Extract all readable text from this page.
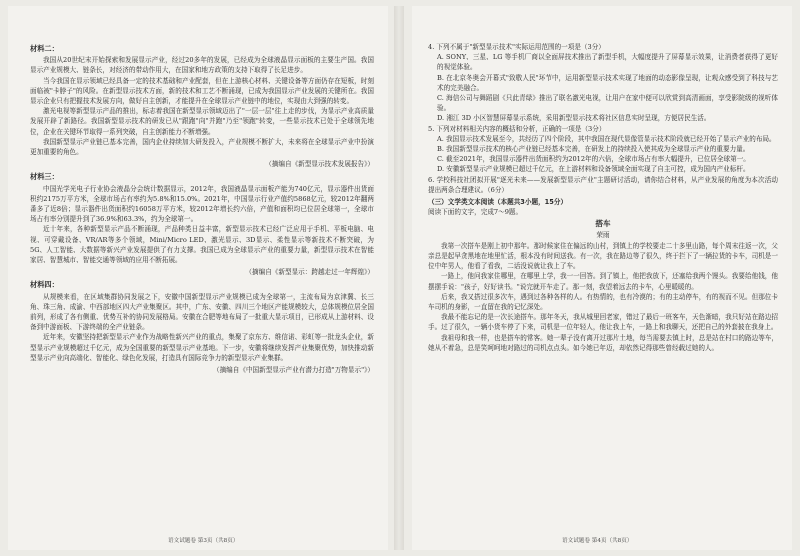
材料二：

我国从20世纪末开始探索和发展显示产业，经过20多年的发展，已经成为全球液晶显示面板的主要生产国。我国显示产业规模大、链条长，对经济的带动作用大，在国家和地方政策的支持下取得了长足进步。

当今我国在显示领域已经具备一定的技术基础和产业配套，但在上游核心材料、关键设备等方面仍存在短板，时刻面临被"卡脖子"的风险。在新型显示技术方面，新的技术和工艺不断涌现，已成为我国显示产业发展的关键所在。我国显示企业只有把握技术发展方向，做好自主创新，才能提升在全球显示产业链中的地位，实现由大到强的转变。

激光电视等新型显示产品的推出，标志着我国在新型显示领域迈出了"一层一层"往上走的步伐，为显示产业高质量发展开辟了新路径。我国新型显示技术的研发已从"跟跑"向"并跑"乃至"领跑"转变，一些显示技术已处于全球领先地位，企业在关键环节取得一系列突破，自主创新能力不断增强。

我国新型显示产业链已基本完善，国内企业持续加大研发投入，产业规模不断扩大，未来将在全球显示产业中扮演更加重要的角色。

（摘编自《新型显示技术发展报告》）
材料三：

中国光学光电子行业协会液晶分会统计数据显示，2012年，我国液晶显示面板产能为740亿元，显示器件出货面积约2175万平方米，全球市场占有率约为5.8%和15.0%。2021年，中国显示行业产值约5868亿元，较2012年翻两番多了近8倍；显示器件出货面积约16058万平方米，较2012年增长约六倍，产值和面积均已位居全球第一，全球市场占有率分别提升到了36.9%和63.3%，约为全球第一。

近十年来，各种新型显示产品不断涌现，产品种类日益丰富，新型显示技术已经广泛应用于手机、平板电脑、电视、可穿戴设备、VR/AR等多个领域，Mini/Micro LED、激光显示、3D显示、柔性显示等新技术不断突破，为5G、人工智能、大数据等新兴产业发展提供了有力支撑。我国已成为全球显示产业的重要力量，新型显示技术在智能家居、智慧城市、智能交通等领域的应用不断拓展。

（摘编自《新型显示：跨越走过一年辉煌》）
材料四：

从规模来看，在区域集群协同发展之下，安徽中国新型显示产业规模已成为全球第一，主流布局为京津冀、长三角、珠三角、成渝、中西部地区四大产业集聚区。其中，广东、安徽、四川三个地区产能规模较大，总体规模位居全国前列，形成了各有侧重、优势互补的协同发展格局。安徽在合肥等地布局了一批重大显示项目，已形成从上游材料、设备到中游面板、下游终端的全产业链条。

近年来，安徽坚持把新型显示产业作为战略性新兴产业的重点，集聚了京东方、维信诺、彩虹等一批龙头企业，新型显示产业规模超过千亿元，成为全国重要的新型显示产业基地。下一步，安徽将继续发挥产业集聚优势，加快推动新型显示产业向高端化、智能化、绿色化发展，打造具有国际竞争力的新型显示产业集群。

（摘编自《中国新型显示产业有潜力打造"万物显示"》）
语文试题卷 第3页（共8页）
4. 下列不属于"新型显示技术"实际运用范围的一项是（3分）
A. SONY、三星、LG 等手机厂商以全面屏技术推出了新型手机，大幅度提升了屏幕显示效果，让消费者获得了更好的视觉体验。
B. 在北京冬奥会开幕式"致敬人民"环节中，运用新型显示技术实现了地面的动态影像呈现，让观众感受到了科技与艺术的完美融合。
C. 海信公司与舞蹈剧《只此青绿》推出了联名激光电视，让用户在家中便可以欣赏到高清画面，享受影院级的视听体验。
D. 湘江 3D 小区智慧屏幕显示系统，采用新型显示技术将社区信息实时呈现，方便居民生活。
5. 下列对材料相关内容的概括和分析，正确的一项是（3分）
A. 我国显示技术发展至今，共经历了四个阶段，其中我国在现代显像管显示技术阶段就已经开始了显示产业的布局。
B. 我国新型显示技术的核心产业链已经基本完善，在研发上的持续投入使其成为全球显示产业的重要力量。
C. 截至2021年，我国显示器件出货面积约为2012年的六倍，全球市场占有率大幅提升，已位居全球第一。
D. 安徽新型显示产业规模已超过千亿元，在上游材料和设备领域全面实现了自主可控，成为国内产业标杆。
6. 学校科技社团拟开展"逐光未来——发展新型显示产业"主题研讨活动，请你结合材料，从产业发展的角度为本次活动提出两条合理建议。（6分）
（三）文学类文本阅读（本题共3小题，15分）
阅读下面的文字，完成7～9题。
搭车
荣雨

我第一次搭车是刚上初中那年。那时候家住在偏远的山村，到镇上的学校要走二十多里山路，每个周末往返一次，父亲总是起早贪黑地在地里忙活，根本没有时间送我。有一次，我在路边等了很久，终于拦下了一辆拉货的卡车，司机是一位中年男人，他看了看我，二话没说就让我上了车。

一路上，他问我家住哪里，在哪里上学，我一一回答。到了镇上，他把我放下，还塞给我两个馒头。我要给他钱，他摆摆手说："孩子，好好读书。"说完就开车走了。那一刻，我望着远去的卡车，心里暖暖的。

后来，我又搭过很多次车，遇到过各种各样的人。有热情的，也有冷漠的；有的主动停车，有的视而不见。但那位卡车司机的身影，一直留在我的记忆深处。

我最不能忘记的是一次长途搭车。那年冬天，我从城里回老家，错过了最后一班客车，天色渐暗，我只好站在路边招手。过了很久，一辆小货车停了下来，司机是一位年轻人，他让我上车，一路上和我聊天，还把自己的外套披在我身上。

我祖母和我一样，也是搭车的常客。她一辈子没有离开过那片土地，每当需要去镇上时，总是站在村口的路边等车，她从不着急，总是笑呵呵地对路过的司机点点头。如今她已年迈，却依然记得那些曾经载过她的人。

语文试题卷 第4页（共8页）
